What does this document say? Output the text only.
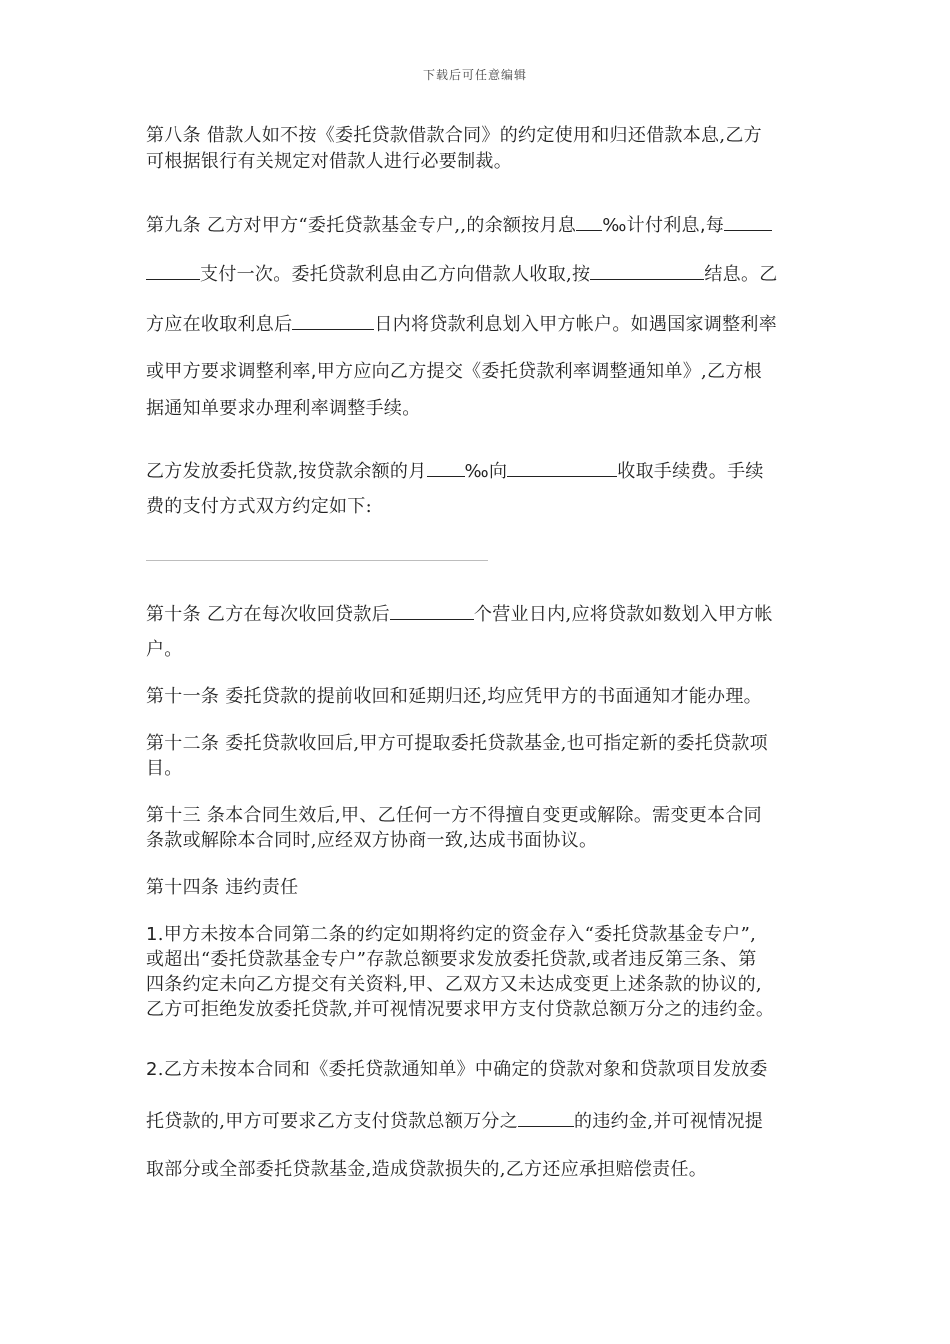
下载后可任意编辑
第八条 借款人如不按《委托贷款借款合同》的约定使用和归还借款本息,乙方
可根据银行有关规定对借款人进行必要制裁。
第九条 乙方对甲方“委托贷款基金专户,,的余额按月息 ‰计付利息,每
支付一次。委托贷款利息由乙方向借款人收取,按	结息。乙
方应在收取利息后	日内将贷款利息划入甲方帐户。如遇国家调整利率
或甲方要求调整利率,甲方应向乙方提交《委托贷款利率调整通知单》,乙方根
据通知单要求办理利率调整手续。
乙方发放委托贷款,按贷款余额的月 ‰向	收取手续费。手续
费的支付方式双方约定如下:
第十条 乙方在每次收回贷款后	个营业日内,应将贷款如数划入甲方帐
户。
第十一条 委托贷款的提前收回和延期归还,均应凭甲方的书面通知才能办理。
第十二条 委托贷款收回后,甲方可提取委托贷款基金,也可指定新的委托贷款项
目。
第十三 条本合同生效后,甲、乙任何一方不得擅自变更或解除。需变更本合同
条款或解除本合同时,应经双方协商一致,达成书面协议。
第十四条 违约责任
1.甲方未按本合同第二条的约定如期将约定的资金存入“委托贷款基金专户”,
或超出“委托贷款基金专户”存款总额要求发放委托贷款,或者违反第三条、第
四条约定未向乙方提交有关资料,甲、乙双方又未达成变更上述条款的协议的,
乙方可拒绝发放委托贷款,并可视情况要求甲方支付贷款总额万分之的违约金。
2.乙方未按本合同和《委托贷款通知单》中确定的贷款对象和贷款项目发放委
托贷款的,甲方可要求乙方支付贷款总额万分之	的违约金,并可视情况提
取部分或全部委托贷款基金,造成贷款损失的,乙方还应承担赔偿责任。
